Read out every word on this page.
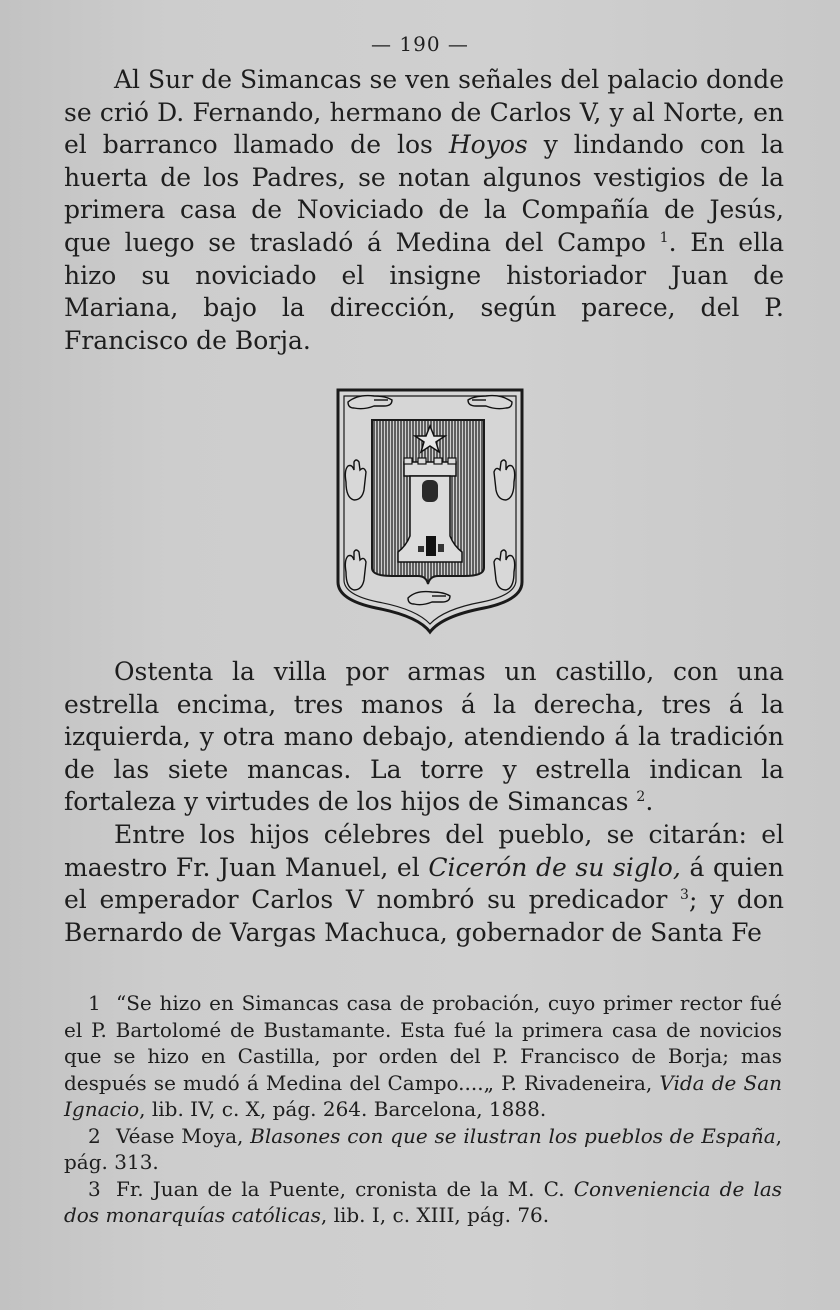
— 190 —

Al Sur de Simancas se ven señales del palacio donde se crió D. Fernando, hermano de Carlos V, y al Norte, en el barranco llamado de los Hoyos y lindando con la huerta de los Padres, se notan algunos vestigios de la primera casa de Noviciado de la Compañía de Jesús, que luego se trasladó á Medina del Campo $^1$. En ella hizo su noviciado el insigne historiador Juan de Mariana, bajo la dirección, según parece, del P. Francisco de Borja.

Ostenta la villa por armas un castillo, con una estrella encima, tres manos á la derecha, tres á la izquierda, y otra mano debajo, atendiendo á la tradición de las siete mancas. La torre y estrella indican la fortaleza y virtudes de los hijos de Simancas $^2$.

Entre los hijos célebres del pueblo, se citarán: el maestro Fr. Juan Manuel, el Cicerón de su siglo, á quien el emperador Carlos V nombró su predicador $^3$; y don Bernardo de Vargas Machuca, gobernador de Santa Fe

1 “Se hizo en Simancas casa de probación, cuyo primer rector fué el P. Bartolomé de Bustamante. Esta fué la primera casa de novicios que se hizo en Castilla, por orden del P. Francisco de Borja; mas después se mudó á Medina del Campo....„ P. Rivadeneira, Vida de San Ignacio, lib. IV, c. X, pág. 264. Barcelona, 1888.

2 Véase Moya, Blasones con que se ilustran los pueblos de España, pág. 313.

3 Fr. Juan de la Puente, cronista de la M. C. Conveniencia de las dos monarquías católicas, lib. I, c. XIII, pág. 76.
